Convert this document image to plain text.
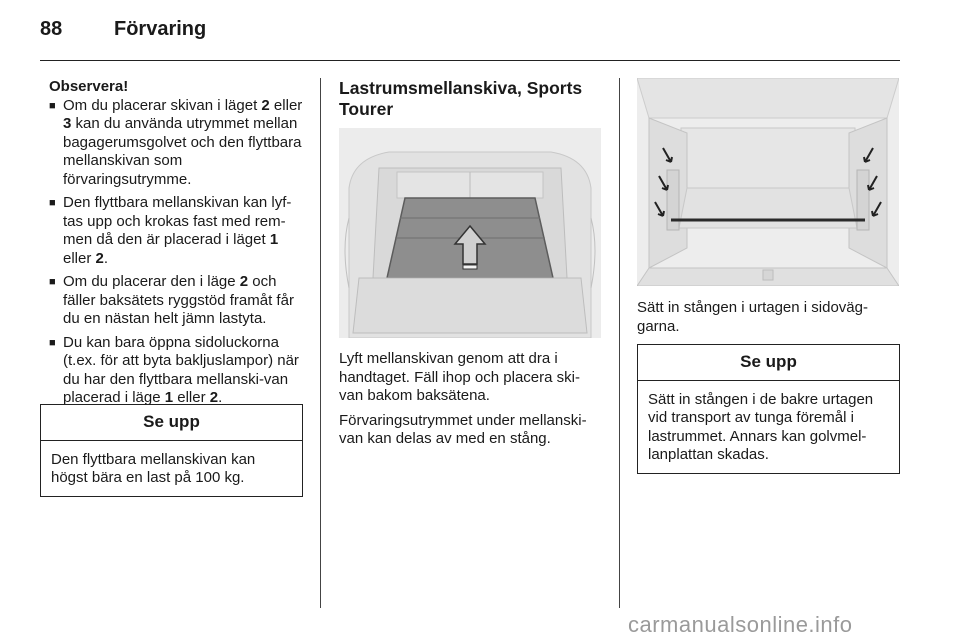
88	Förvaring

Observera!

■ Om du placerar skivan i läget 2 eller 3 kan du använda utrymmet mellan bagagerumsgolvet och den flyttbara mellanskivan som förvaringsutrymme.
■ Den flyttbara mellanskivan kan lyf-tas upp och krokas fast med rem-men då den är placerad i läget 1 eller 2.
■ Om du placerar den i läge 2 och fäller baksätets ryggstöd framåt får du en nästan helt jämn lastyta.
■ Du kan bara öppna sidoluckorna (t.ex. för att byta bakljuslampor) när du har den flyttbara mellanski-van placerad i läge 1 eller 2.
Se upp
Den flyttbara mellanskivan kan högst bära en last på 100 kg.

Lastrumsmellanskiva, Sports Tourer

Lyft mellanskivan genom att dra i handtaget. Fäll ihop och placera ski-van bakom baksätena.

Förvaringsutrymmet under mellanski-van kan delas av med en stång.

Sätt in stången i urtagen i sidoväg-garna.
Se upp
Sätt in stången i de bakre urtagen vid transport av tunga föremål i lastrummet. Annars kan golvmel-lanplattan skadas.
carmanualsonline.info
